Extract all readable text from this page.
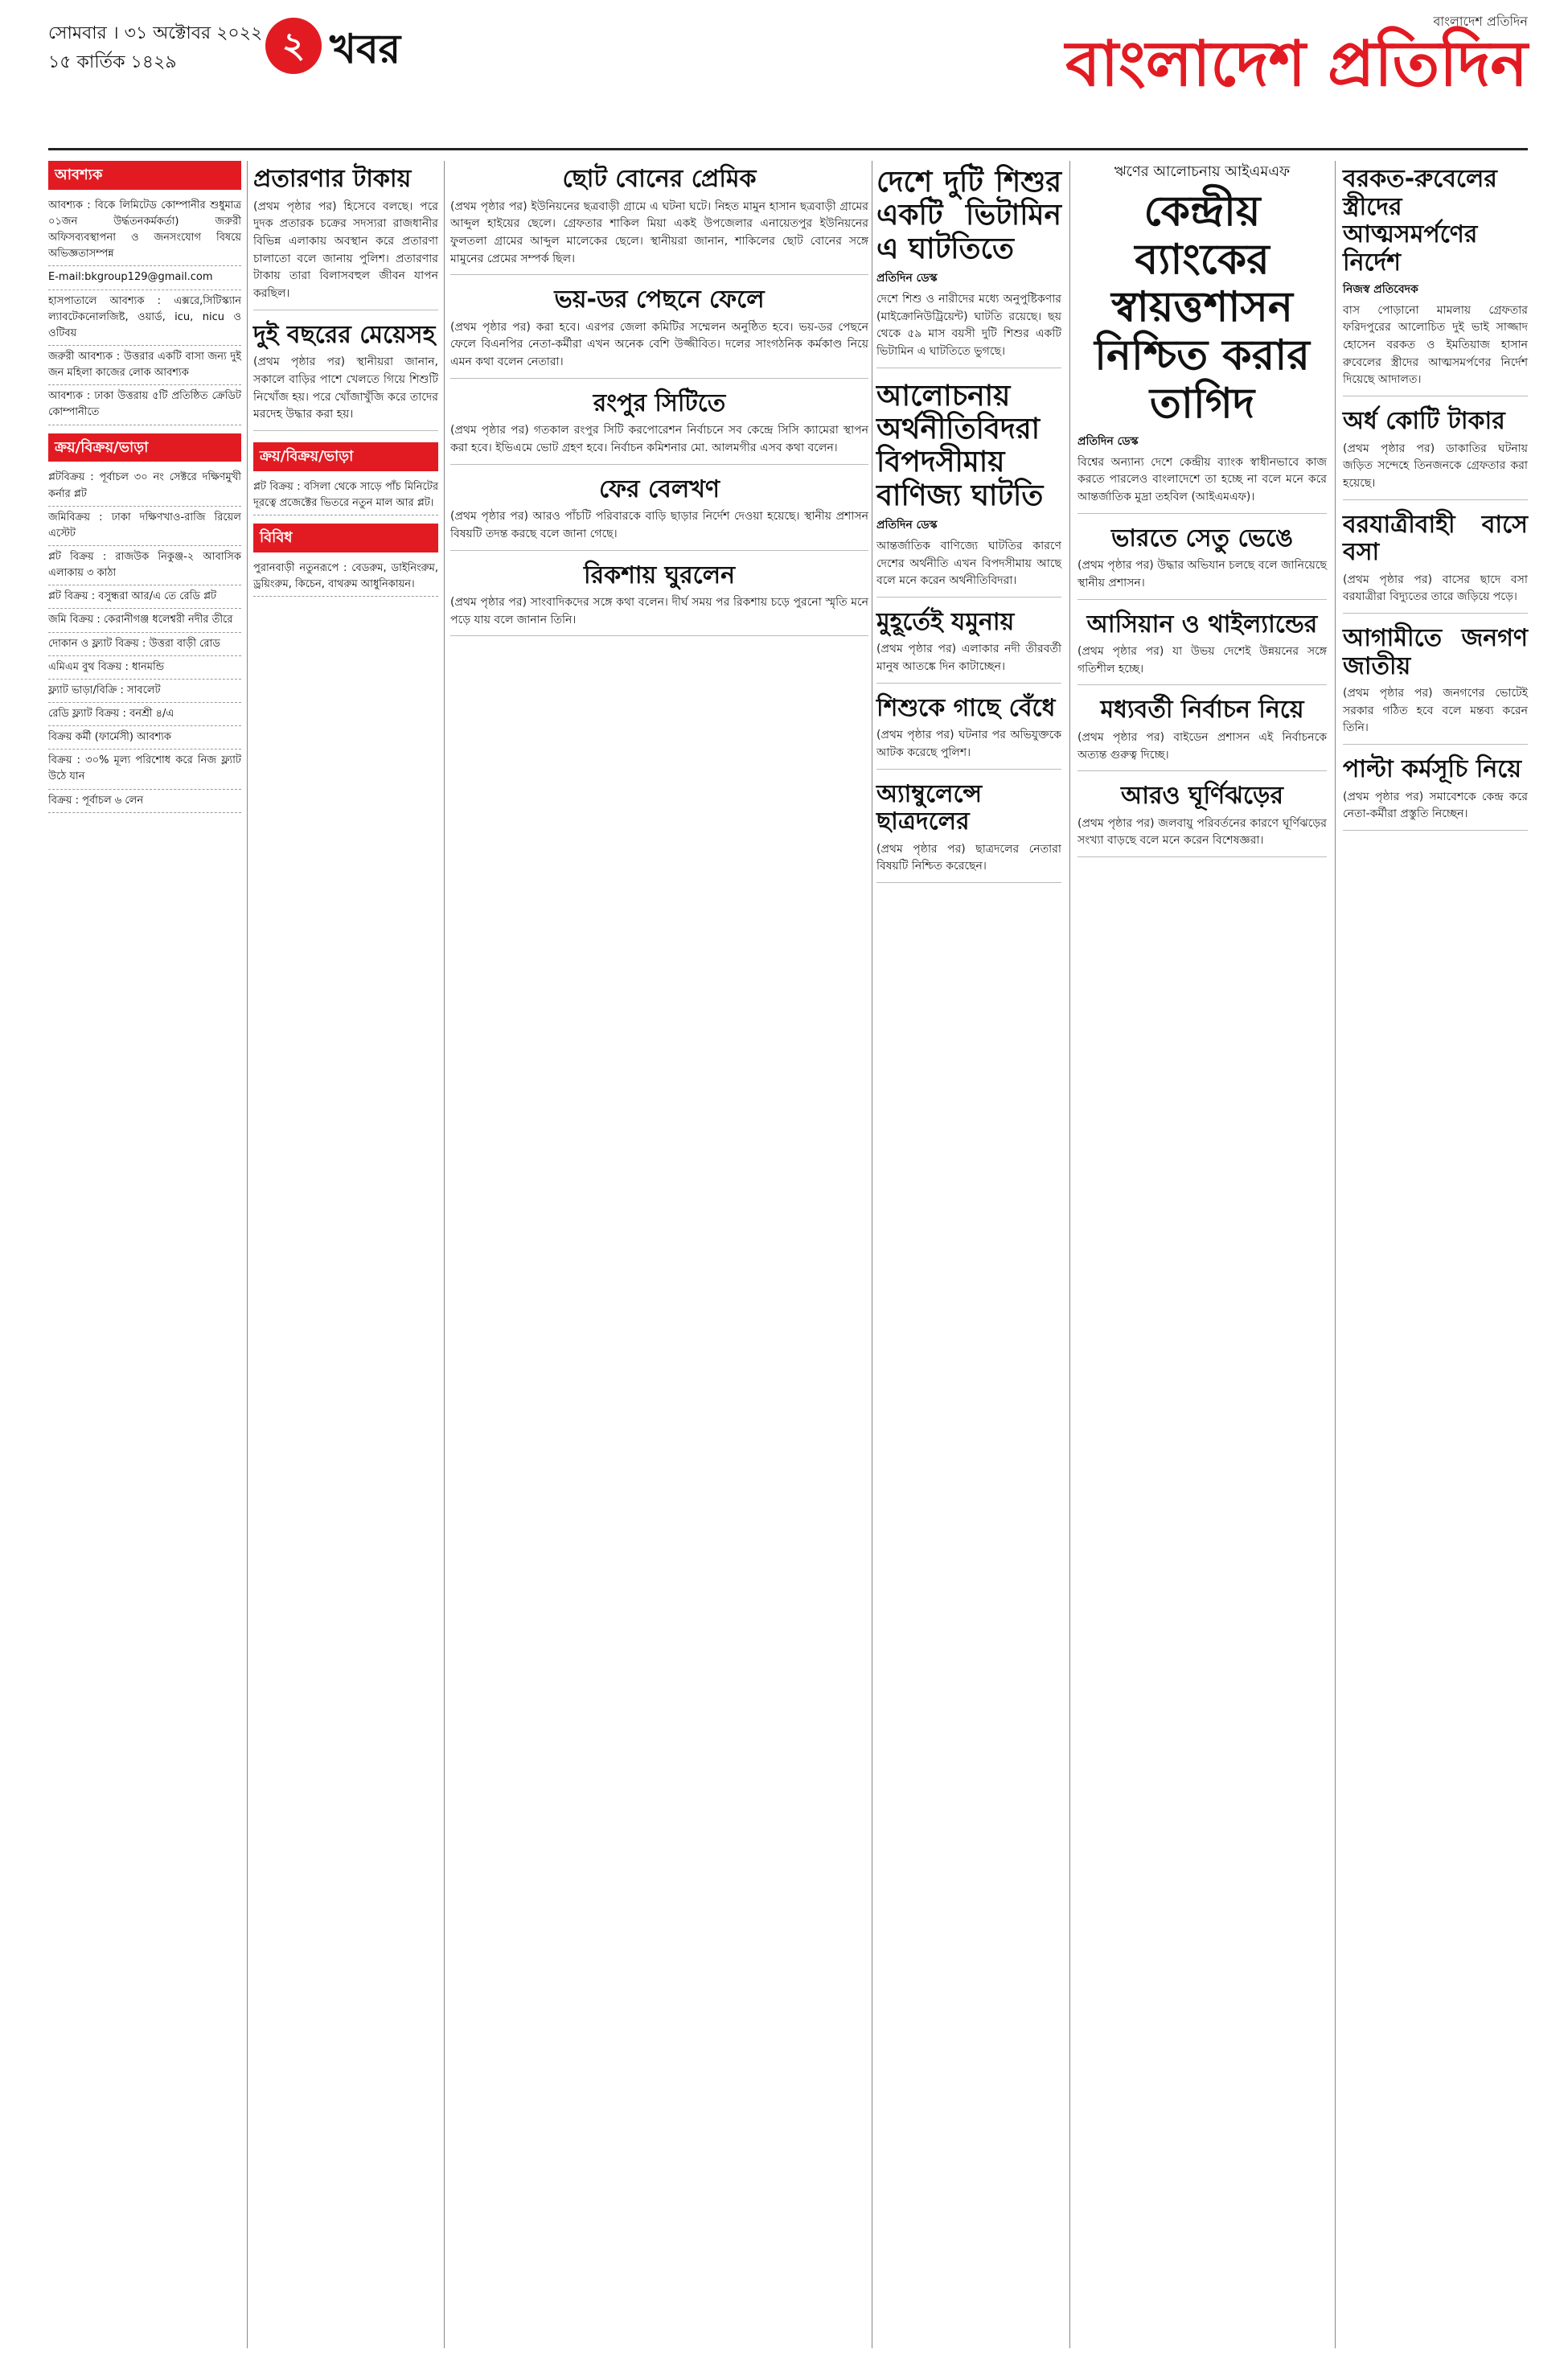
সোমবার । ৩১ অক্টোবর ২০২২
১৫ কার্তিক ১৪২৯	২ খবর
বাংলাদেশ প্রতিদিন
বাংলাদেশ প্রতিদিন
আবশ্যক
আবশ্যক : বিকে লিমিটেড কোম্পানীর শুধুমাত্র ০১জন উর্দ্ধতনকর্মকর্তা) জরুরী অফিসব্যবস্থাপনা ও জনসংযোগ বিষয়ে অভিজ্ঞতাসম্পন্ন
E-mail:bkgroup129@gmail.com
হাসপাতালে আবশ্যক : এক্সরে,সিটিস্ক্যান ল্যাবটেকনোলজিষ্ট, ওয়ার্ড, icu, nicu ও ওটিবয়
জরুরী আবশ্যক : উত্তরার একটি বাসা জন্য দুই জন মহিলা কাজের লোক আবশ্যক
আবশ্যক : ঢাকা উত্তরায় ৫টি প্রতিষ্ঠিত ক্রেডিট কোম্পানীতে
ক্রয়/বিক্রয়/ভাড়া
প্লটবিক্রয় : পূর্বাচল ৩০ নং সেক্টরে দক্ষিণমুখী কর্নার প্লট
জমিবিক্রয় : ঢাকা দক্ষিণখাও-রাজি রিয়েল এস্টেট
প্লট বিক্রয় : রাজউক নিকুঞ্জ-২ আবাসিক এলাকায় ৩ কাঠা
প্লট বিক্রয় : বসুন্ধরা আর/এ তে রেডি প্লট
জমি বিক্রয় : কেরানীগঞ্জ ধলেশ্বরী নদীর তীরে
দোকান ও ফ্ল্যাট বিক্রয় : উত্তরা বাড়ী রোড
এমিএম বুথ বিক্রয় : ধানমন্ডি
ফ্ল্যাট ভাড়া/বিক্রি : সাবলেট
রেডি ফ্ল্যাট বিক্রয় : বনশ্রী ৪/এ
বিক্রয় কর্মী (ফার্মেসী) আবশ্যক
বিক্রয় : ৩০% মূল্য পরিশোধ করে নিজ ফ্ল্যাট উঠে যান
বিক্রয় : পূর্বাচল ৬ লেন
প্রতারণার টাকায়
(প্রথম পৃষ্ঠার পর) হিসেবে বলছে। পরে দুদক প্রতারক চক্রের সদস্যরা রাজধানীর বিভিন্ন এলাকায় অবস্থান করে প্রতারণা চালাতো বলে জানায় পুলিশ। প্রতারণার টাকায় তারা বিলাসবহুল জীবন যাপন করছিল।
দুই বছরের মেয়েসহ
(প্রথম পৃষ্ঠার পর) স্থানীয়রা জানান, সকালে বাড়ির পাশে খেলতে গিয়ে শিশুটি নিখোঁজ হয়। পরে খোঁজাখুঁজি করে তাদের মরদেহ উদ্ধার করা হয়।
ক্রয়/বিক্রয়/ভাড়া
প্লট বিক্রয় : বসিলা থেকে সাড়ে পাঁচ মিনিটের দূরত্বে প্রজেক্টের ভিতরে নতুন মাল আর প্লট।
বিবিধ
পুরানবাড়ী নতুনরূপে : বেডরুম, ডাইনিংরুম, ড্রয়িংরুম, কিচেন, বাথরুম আধুনিকায়ন।
ছোট বোনের প্রেমিক
(প্রথম পৃষ্ঠার পর) ইউনিয়নের ছত্রবাড়ী গ্রামে এ ঘটনা ঘটে। নিহত মামুন হাসান ছত্রবাড়ী গ্রামের আব্দুল হাইয়ের ছেলে। গ্রেফতার শাকিল মিয়া একই উপজেলার এনায়েতপুর ইউনিয়নের ফুলতলা গ্রামের আব্দুল মালেকের ছেলে। স্থানীয়রা জানান, শাকিলের ছোট বোনের সঙ্গে মামুনের প্রেমের সম্পর্ক ছিল।
ভয়-ডর পেছনে ফেলে
(প্রথম পৃষ্ঠার পর) করা হবে। এরপর জেলা কমিটির সম্মেলন অনুষ্ঠিত হবে। ভয়-ডর পেছনে ফেলে বিএনপির নেতা-কর্মীরা এখন অনেক বেশি উজ্জীবিত। দলের সাংগঠনিক কর্মকাণ্ড নিয়ে এমন কথা বলেন নেতারা।
রংপুর সিটিতে
(প্রথম পৃষ্ঠার পর) গতকাল রংপুর সিটি করপোরেশন নির্বাচনে সব কেন্দ্রে সিসি ক্যামেরা স্থাপন করা হবে। ইভিএমে ভোট গ্রহণ হবে। নির্বাচন কমিশনার মো. আলমগীর এসব কথা বলেন।
ফের বেলখণ
(প্রথম পৃষ্ঠার পর) আরও পাঁচটি পরিবারকে বাড়ি ছাড়ার নির্দেশ দেওয়া হয়েছে। স্থানীয় প্রশাসন বিষয়টি তদন্ত করছে বলে জানা গেছে।
রিকশায় ঘুরলেন
(প্রথম পৃষ্ঠার পর) সাংবাদিকদের সঙ্গে কথা বলেন। দীর্ঘ সময় পর রিকশায় চড়ে পুরনো স্মৃতি মনে পড়ে যায় বলে জানান তিনি।
দেশে দুটি শিশুর একটি ভিটামিন এ ঘাটতিতে
প্রতিদিন ডেস্ক
দেশে শিশু ও নারীদের মধ্যে অনুপুষ্টিকণার (মাইক্রোনিউট্রিয়েন্ট) ঘাটতি রয়েছে। ছয় থেকে ৫৯ মাস বয়সী দুটি শিশুর একটি ভিটামিন এ ঘাটতিতে ভুগছে।
আলোচনায় অর্থনীতিবিদরা বিপদসীমায় বাণিজ্য ঘাটতি
প্রতিদিন ডেস্ক
আন্তর্জাতিক বাণিজ্যে ঘাটতির কারণে দেশের অর্থনীতি এখন বিপদসীমায় আছে বলে মনে করেন অর্থনীতিবিদরা।
মুহূর্তেই যমুনায়
(প্রথম পৃষ্ঠার পর) এলাকার নদী তীরবর্তী মানুষ আতঙ্কে দিন কাটাচ্ছেন।
শিশুকে গাছে বেঁধে
(প্রথম পৃষ্ঠার পর) ঘটনার পর অভিযুক্তকে আটক করেছে পুলিশ।
অ্যাম্বুলেন্সে ছাত্রদলের
(প্রথম পৃষ্ঠার পর) ছাত্রদলের নেতারা বিষয়টি নিশ্চিত করেছেন।
ঋণের আলোচনায় আইএমএফ
কেন্দ্রীয় ব্যাংকের স্বায়ত্তশাসন নিশ্চিত করার তাগিদ
প্রতিদিন ডেস্ক
বিশ্বের অন্যান্য দেশে কেন্দ্রীয় ব্যাংক স্বাধীনভাবে কাজ করতে পারলেও বাংলাদেশে তা হচ্ছে না বলে মনে করে আন্তর্জাতিক মুদ্রা তহবিল (আইএমএফ)।
ভারতে সেতু ভেঙে
(প্রথম পৃষ্ঠার পর) উদ্ধার অভিযান চলছে বলে জানিয়েছে স্থানীয় প্রশাসন।
আসিয়ান ও থাইল্যান্ডের
(প্রথম পৃষ্ঠার পর) যা উভয় দেশেই উন্নয়নের সঙ্গে গতিশীল হচ্ছে।
মধ্যবর্তী নির্বাচন নিয়ে
(প্রথম পৃষ্ঠার পর) বাইডেন প্রশাসন এই নির্বাচনকে অত্যন্ত গুরুত্ব দিচ্ছে।
আরও ঘূর্ণিঝড়ের
(প্রথম পৃষ্ঠার পর) জলবায়ু পরিবর্তনের কারণে ঘূর্ণিঝড়ের সংখ্যা বাড়ছে বলে মনে করেন বিশেষজ্ঞরা।
বরকত-রুবেলের স্ত্রীদের আত্মসমর্পণের নির্দেশ
নিজস্ব প্রতিবেদক
বাস পোড়ানো মামলায় গ্রেফতার ফরিদপুরের আলোচিত দুই ভাই সাজ্জাদ হোসেন বরকত ও ইমতিয়াজ হাসান রুবেলের স্ত্রীদের আত্মসমর্পণের নির্দেশ দিয়েছে আদালত।
অর্ধ কোটি টাকার
(প্রথম পৃষ্ঠার পর) ডাকাতির ঘটনায় জড়িত সন্দেহে তিনজনকে গ্রেফতার করা হয়েছে।
বরযাত্রীবাহী বাসে বসা
(প্রথম পৃষ্ঠার পর) বাসের ছাদে বসা বরযাত্রীরা বিদ্যুতের তারে জড়িয়ে পড়ে।
আগামীতে জনগণ জাতীয়
(প্রথম পৃষ্ঠার পর) জনগণের ভোটেই সরকার গঠিত হবে বলে মন্তব্য করেন তিনি।
পাল্টা কর্মসূচি নিয়ে
(প্রথম পৃষ্ঠার পর) সমাবেশকে কেন্দ্র করে নেতা-কর্মীরা প্রস্তুতি নিচ্ছেন।
